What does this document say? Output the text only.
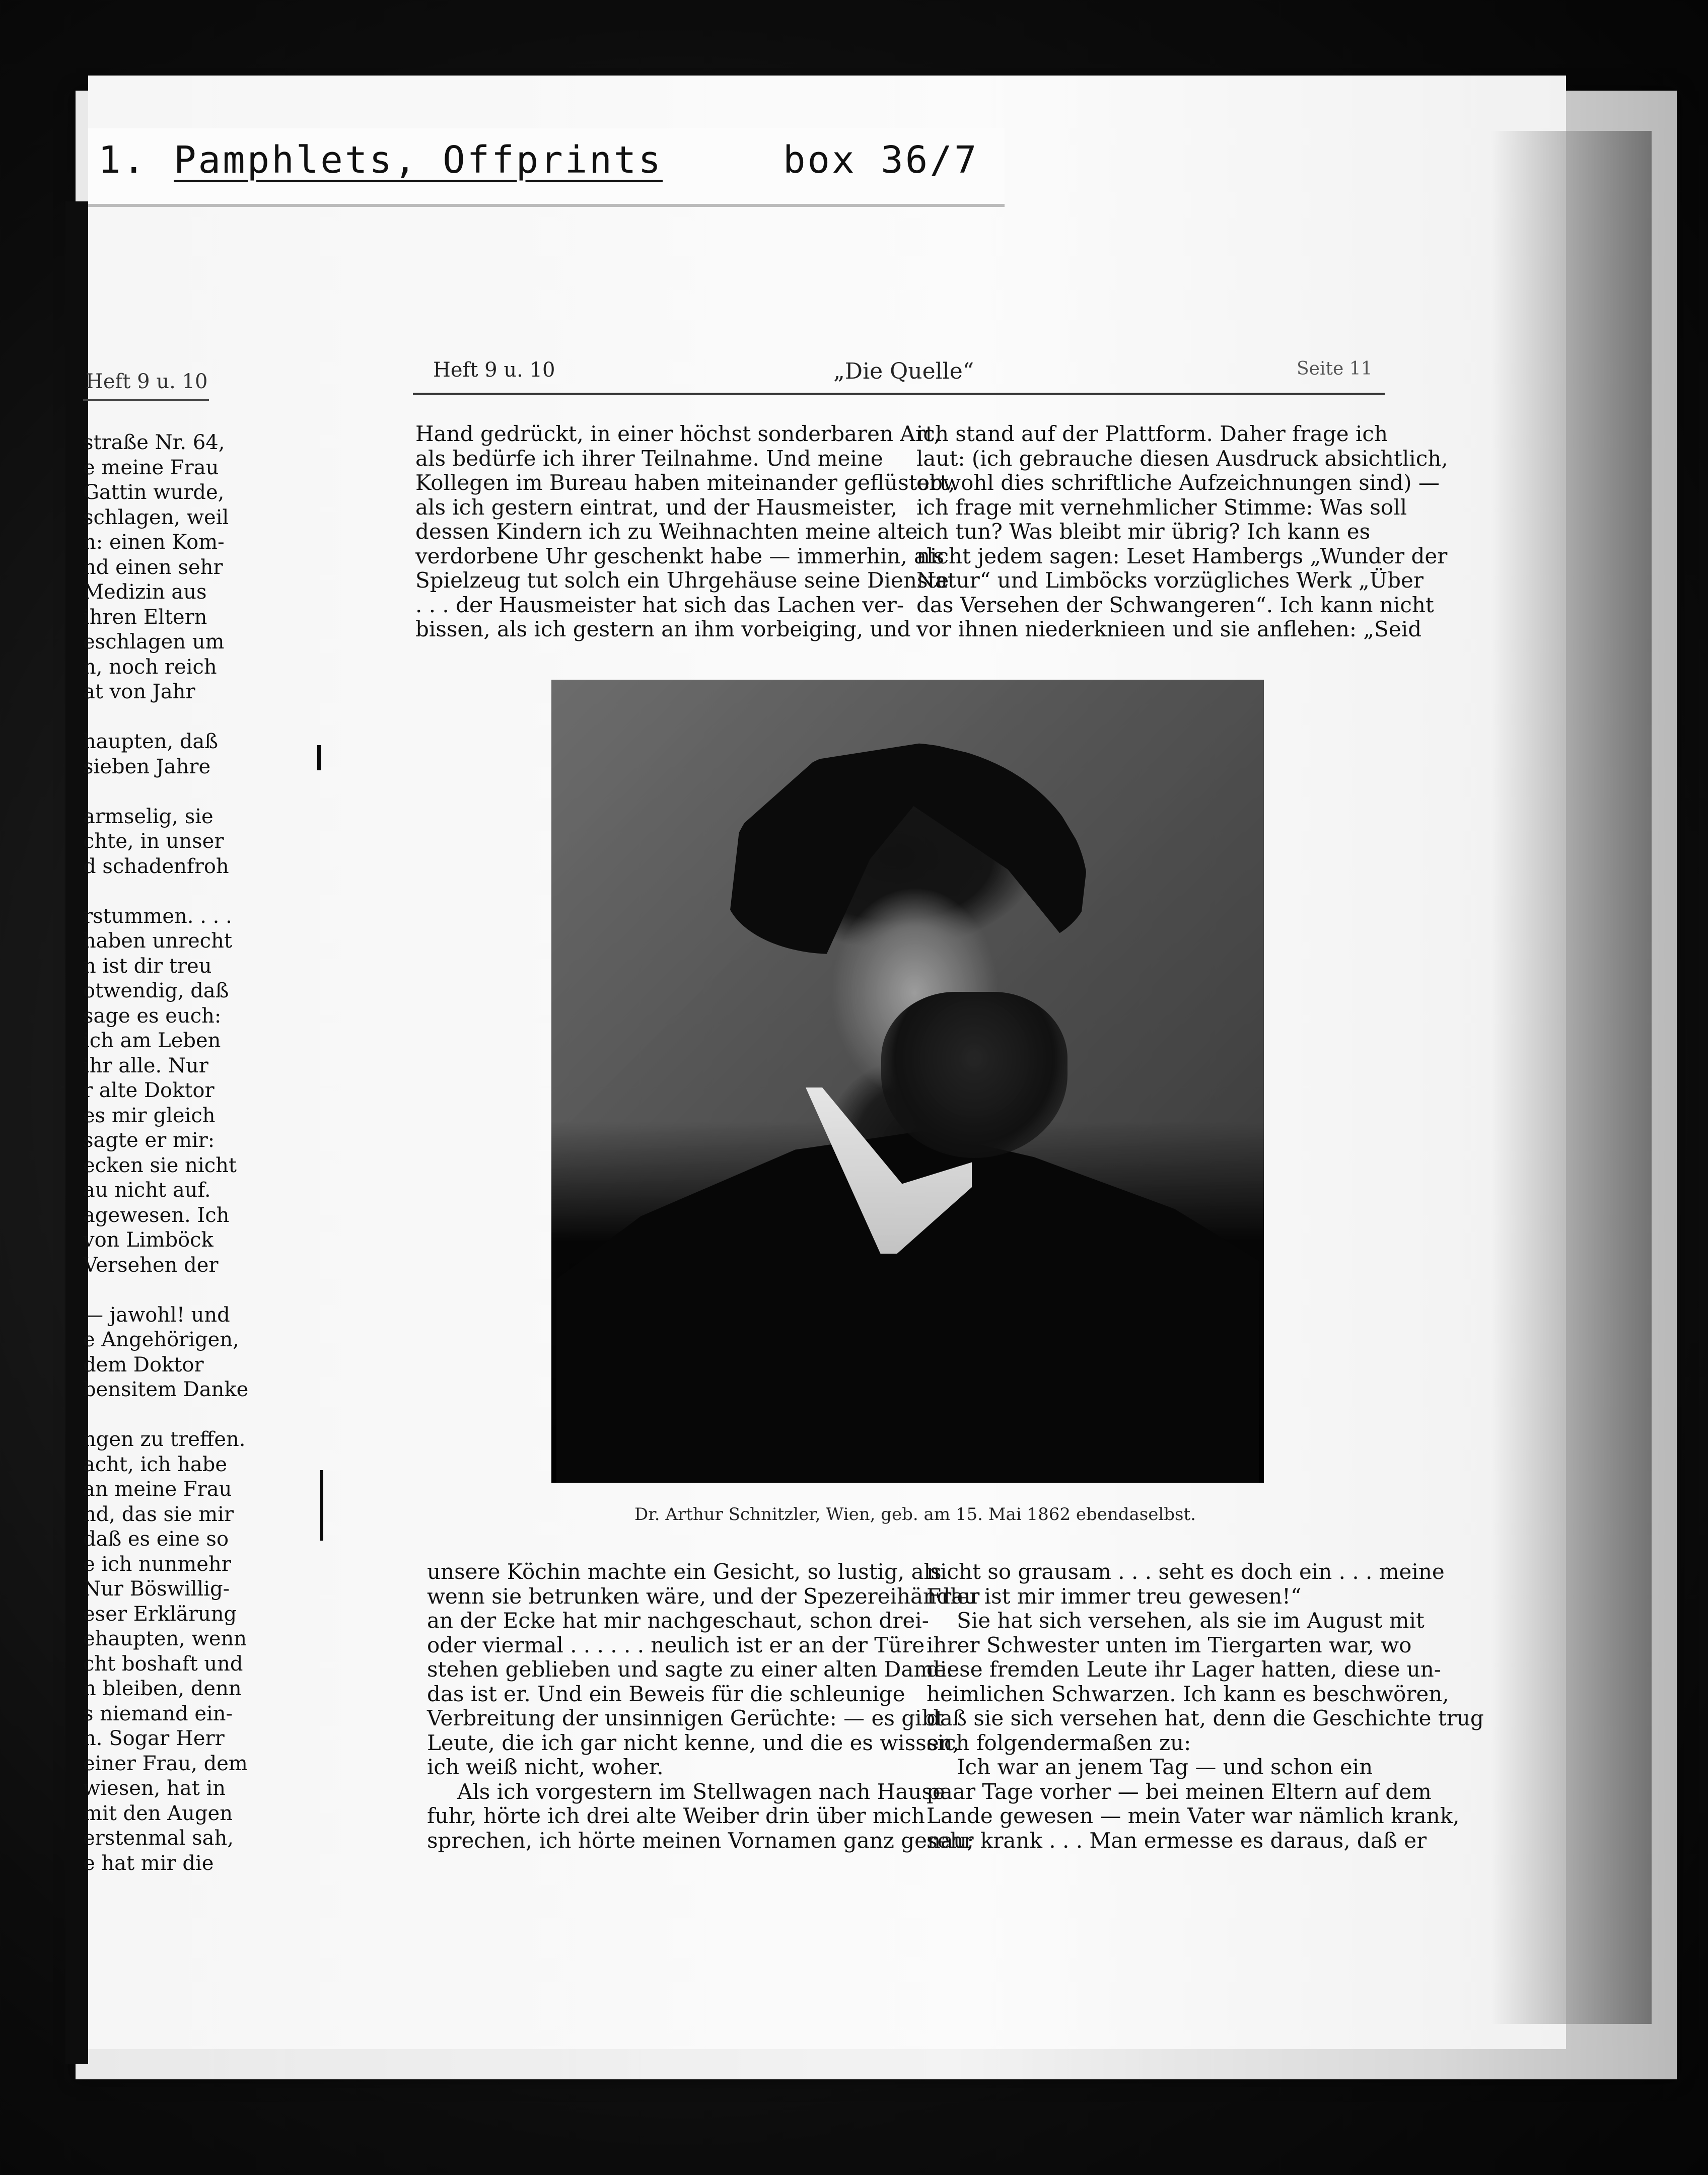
1. Pamphlets, Offprints	box 36/7
Heft 9 u. 10
straße Nr. 64,
e meine Frau
Gattin wurde,
schlagen, weil
n: einen Kom-
nd einen sehr
Medizin aus
ihren Eltern
eschlagen um
n, noch reich
at von Jahr
haupten, daß
sieben Jahre
armselig, sie
chte, in unser
d schadenfroh
rstummen. . . .
haben unrecht
n ist dir treu
otwendig, daß
sage es euch:
ich am Leben
ihr alle. Nur
r alte Doktor
es mir gleich
sagte er mir:
ecken sie nicht
au nicht auf.
agewesen. Ich
von Limböck
Versehen der
— jawohl! und
e Angehörigen,
dem Doktor
bensitem Danke
ngen zu treffen.
acht, ich habe
an meine Frau
nd, das sie mir
daß es eine so
e ich nunmehr
Nur Böswillig-
eser Erklärung
ehaupten, wenn
cht boshaft und
n bleiben, denn
s niemand ein-
n. Sogar Herr
einer Frau, dem
wiesen, hat in
mit den Augen
erstenmal sah,
e hat mir die
Heft 9 u. 10	„Die Quelle“	Seite 11
Hand gedrückt, in einer höchst sonderbaren Art,
als bedürfe ich ihrer Teilnahme. Und meine
Kollegen im Bureau haben miteinander geflüstert,
als ich gestern eintrat, und der Hausmeister,
dessen Kindern ich zu Weihnachten meine alte
verdorbene Uhr geschenkt habe — immerhin, als
Spielzeug tut solch ein Uhrgehäuse seine Dienste
. . . der Hausmeister hat sich das Lachen ver-
bissen, als ich gestern an ihm vorbeiging, und
ich stand auf der Plattform. Daher frage ich
laut: (ich gebrauche diesen Ausdruck absichtlich,
obwohl dies schriftliche Aufzeichnungen sind) —
ich frage mit vernehmlicher Stimme: Was soll
ich tun? Was bleibt mir übrig? Ich kann es
nicht jedem sagen: Leset Hambergs „Wunder der
Natur“ und Limböcks vorzügliches Werk „Über
das Versehen der Schwangeren“. Ich kann nicht
vor ihnen niederknieen und sie anflehen: „Seid
Dr. Arthur Schnitzler, Wien, geb. am 15. Mai 1862 ebendaselbst.
unsere Köchin machte ein Gesicht, so lustig, als
wenn sie betrunken wäre, und der Spezereihändler
an der Ecke hat mir nachgeschaut, schon drei-
oder viermal . . . . . . neulich ist er an der Türe
stehen geblieben und sagte zu einer alten Dame:
das ist er. Und ein Beweis für die schleunige
Verbreitung der unsinnigen Gerüchte: — es gibt
Leute, die ich gar nicht kenne, und die es wissen,
ich weiß nicht, woher.
Als ich vorgestern im Stellwagen nach Hause
fuhr, hörte ich drei alte Weiber drin über mich
sprechen, ich hörte meinen Vornamen ganz genau;
nicht so grausam . . . seht es doch ein . . . meine
Frau ist mir immer treu gewesen!“
Sie hat sich versehen, als sie im August mit
ihrer Schwester unten im Tiergarten war, wo
diese fremden Leute ihr Lager hatten, diese un-
heimlichen Schwarzen. Ich kann es beschwören,
daß sie sich versehen hat, denn die Geschichte trug
sich folgendermaßen zu:
Ich war an jenem Tag — und schon ein
paar Tage vorher — bei meinen Eltern auf dem
Lande gewesen — mein Vater war nämlich krank,
sehr krank . . . Man ermesse es daraus, daß er
